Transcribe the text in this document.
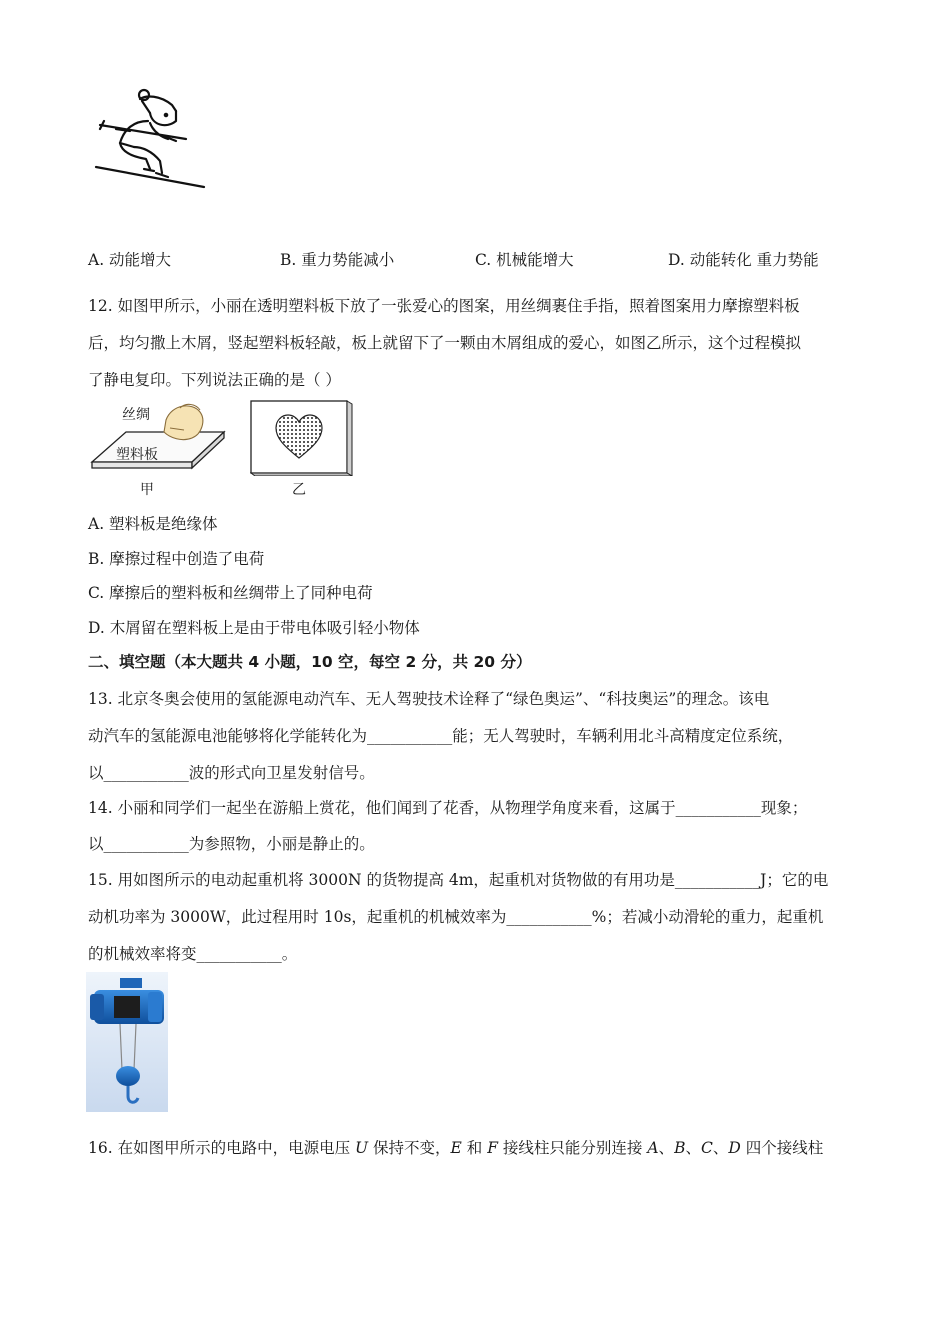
A. 动能增大	B. 重力势能减小	C. 机械能增大	D. 动能转化 重力势能
12. 如图甲所示，小丽在透明塑料板下放了一张爱心的图案，用丝绸裹住手指，照着图案用力摩擦塑料板
后，均匀撒上木屑，竖起塑料板轻敲，板上就留下了一颗由木屑组成的爱心，如图乙所示，这个过程模拟
了静电复印。下列说法正确的是（ ）
丝绸
塑料板
甲	乙
A. 塑料板是绝缘体
B. 摩擦过程中创造了电荷
C. 摩擦后的塑料板和丝绸带上了同种电荷
D. 木屑留在塑料板上是由于带电体吸引轻小物体
二、填空题（本大题共 4 小题，10 空，每空 2 分，共 20 分）
13. 北京冬奥会使用的氢能源电动汽车、无人驾驶技术诠释了“绿色奥运”、“科技奥运”的理念。该电
动汽车的氢能源电池能够将化学能转化为___________能；无人驾驶时，车辆利用北斗高精度定位系统，
以___________波的形式向卫星发射信号。
14. 小丽和同学们一起坐在游船上赏花，他们闻到了花香，从物理学角度来看，这属于___________现象；
以___________为参照物，小丽是静止的。
15. 用如图所示的电动起重机将 3000N 的货物提高 4m，起重机对货物做的有用功是___________J；它的电
动机功率为 3000W，此过程用时 10s，起重机的机械效率为___________%；若减小动滑轮的重力，起重机
的机械效率将变___________。
16. 在如图甲所示的电路中，电源电压 U 保持不变，E 和 F 接线柱只能分别连接 A、B、C、D 四个接线柱
